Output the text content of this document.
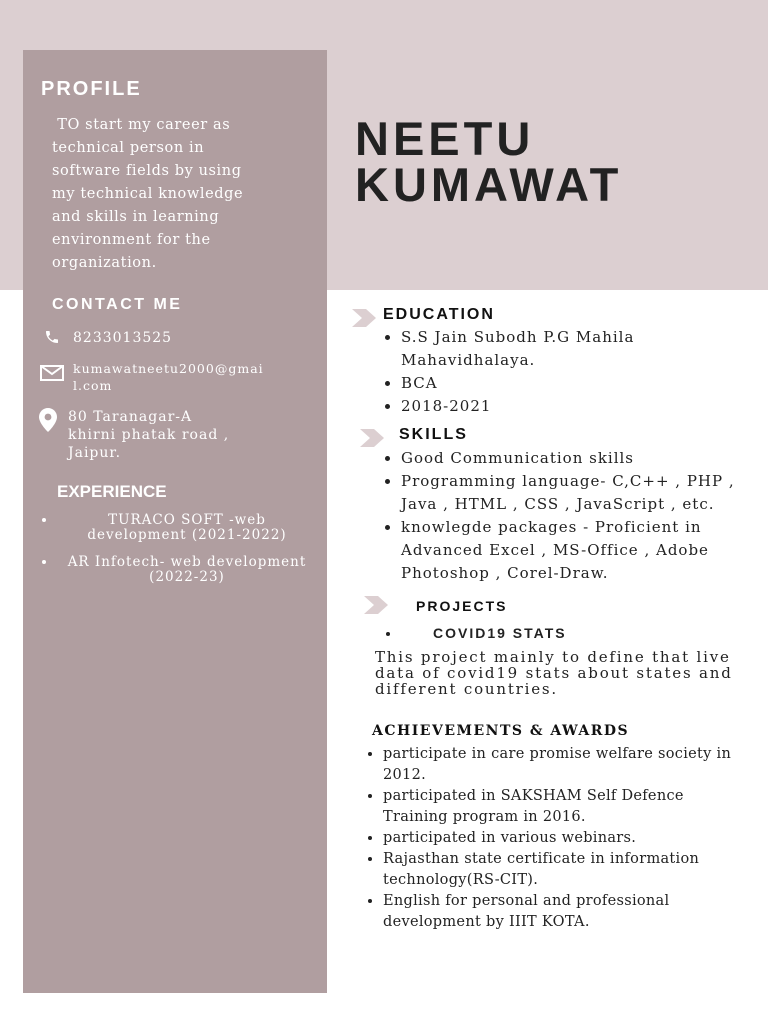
PROFILE
TO start my career as technical person in software fields by using my technical knowledge and skills in learning environment for the organization.
CONTACT ME
8233013525
kumawatneetu2000@gmail.com
80 Taranagar-A
khirni phatak road ,
Jaipur.
EXPERIENCE
• TURACO SOFT -web development (2021-2022)
• AR Infotech- web development (2022-23)
NEETU
KUMAWAT
EDUCATION
• S.S Jain Subodh P.G Mahila Mahavidhalaya.
• BCA
• 2018-2021
SKILLS
• Good Communication skills
• Programming language- C,C++ , PHP , Java , HTML , CSS , JavaScript , etc.
• knowlegde packages - Proficient in Advanced Excel , MS-Office , Adobe Photoshop , Corel-Draw.
PROJECTS
• COVID19 STATS
This project mainly to define that live data of covid19 stats about states and different countries.
ACHIEVEMENTS & AWARDS
• participate in care promise welfare society in 2012.
• participated in SAKSHAM Self Defence Training program in 2016.
• participated in various webinars.
• Rajasthan state certificate in information technology(RS-CIT).
• English for personal and professional development by IIIT KOTA.
